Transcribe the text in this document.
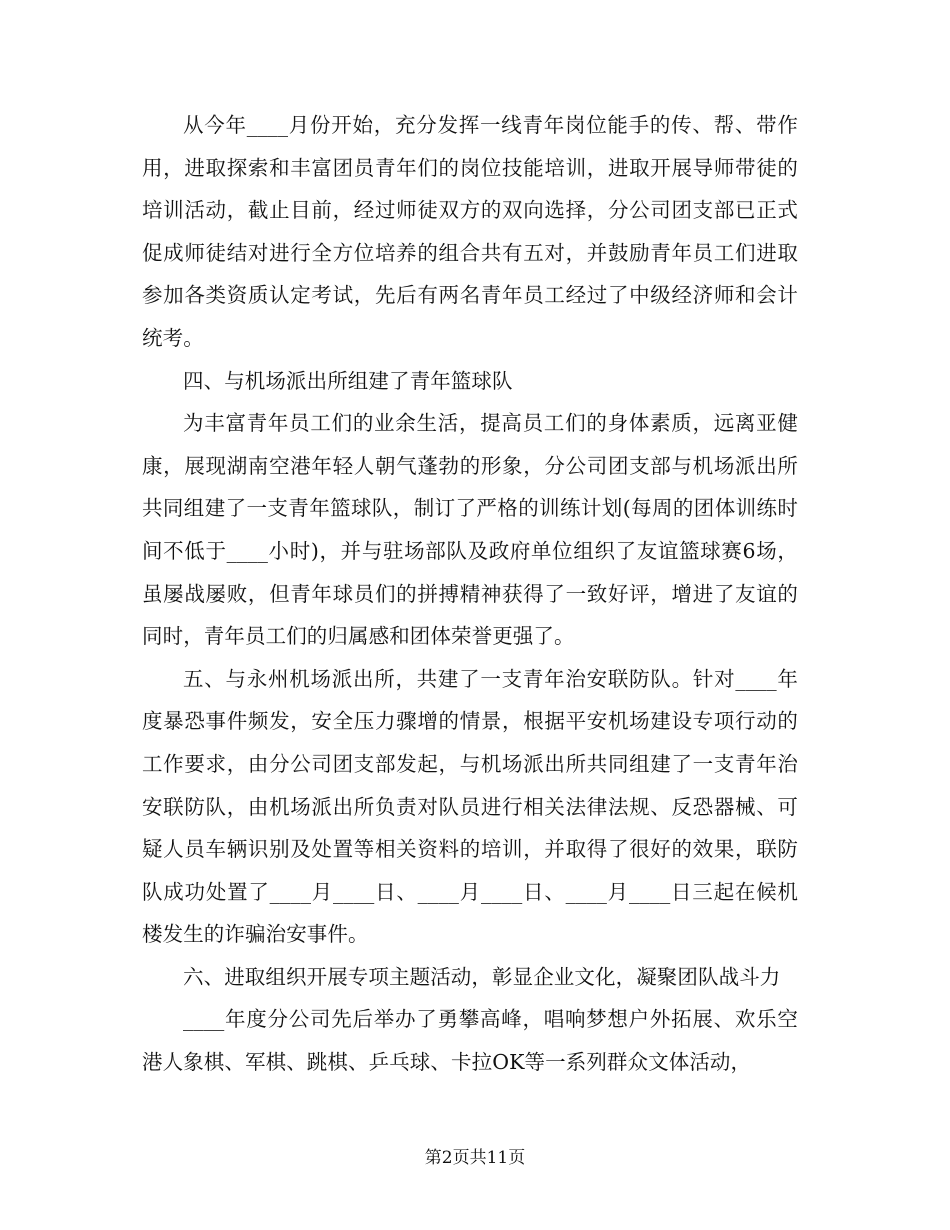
从今年____月份开始，充分发挥一线青年岗位能手的传、帮、带作用，进取探索和丰富团员青年们的岗位技能培训，进取开展导师带徒的培训活动，截止目前，经过师徒双方的双向选择，分公司团支部已正式促成师徒结对进行全方位培养的组合共有五对，并鼓励青年员工们进取参加各类资质认定考试，先后有两名青年员工经过了中级经济师和会计统考。

四、与机场派出所组建了青年篮球队

为丰富青年员工们的业余生活，提高员工们的身体素质，远离亚健康，展现湖南空港年轻人朝气蓬勃的形象，分公司团支部与机场派出所共同组建了一支青年篮球队，制订了严格的训练计划(每周的团体训练时间不低于____小时)，并与驻场部队及政府单位组织了友谊篮球赛6场，虽屡战屡败，但青年球员们的拼搏精神获得了一致好评，增进了友谊的同时，青年员工们的归属感和团体荣誉更强了。

五、与永州机场派出所，共建了一支青年治安联防队。针对____年度暴恐事件频发，安全压力骤增的情景，根据平安机场建设专项行动的工作要求，由分公司团支部发起，与机场派出所共同组建了一支青年治安联防队，由机场派出所负责对队员进行相关法律法规、反恐器械、可疑人员车辆识别及处置等相关资料的培训，并取得了很好的效果，联防队成功处置了____月____日、____月____日、____月____日三起在候机楼发生的诈骗治安事件。

六、进取组织开展专项主题活动，彰显企业文化，凝聚团队战斗力

____年度分公司先后举办了勇攀高峰，唱响梦想户外拓展、欢乐空港人象棋、军棋、跳棋、乒乓球、卡拉OK等一系列群众文体活动，

第2页共11页
